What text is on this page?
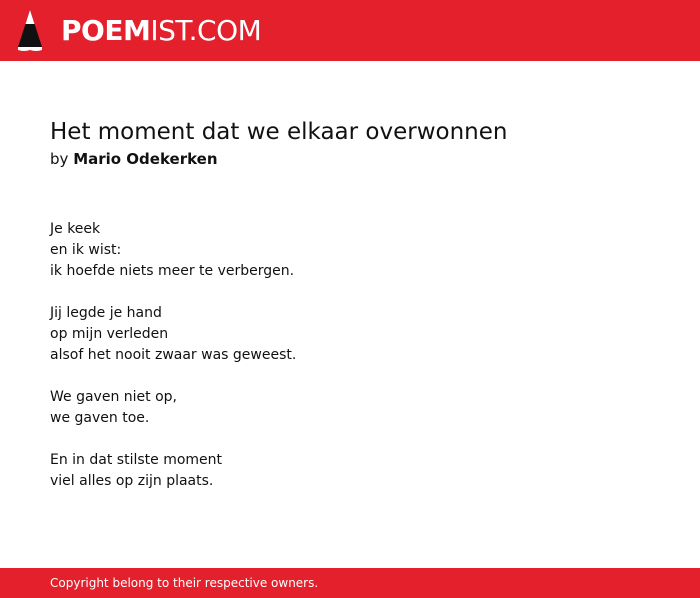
POEMIST.COM
Het moment dat we elkaar overwonnen
by Mario Odekerken
Je keek
en ik wist:
ik hoefde niets meer te verbergen.
Jij legde je hand
op mijn verleden
alsof het nooit zwaar was geweest.
We gaven niet op,
we gaven toe.
En in dat stilste moment
viel alles op zijn plaats.
Copyright belong to their respective owners.
